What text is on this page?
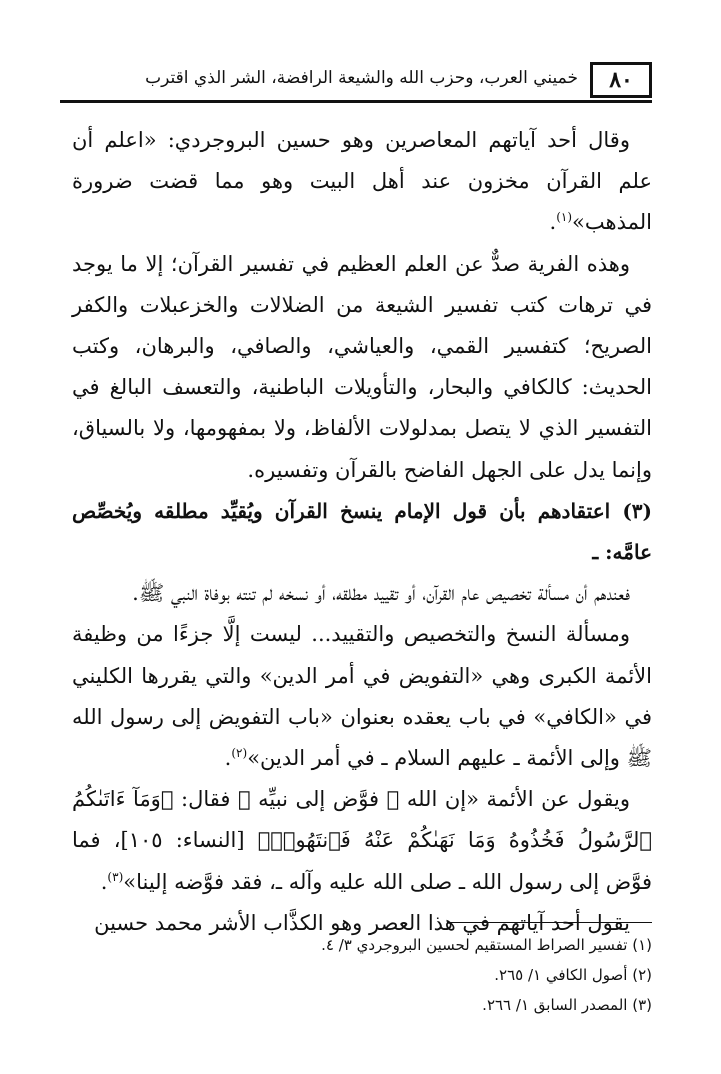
٨٠
خميني العرب، وحزب الله والشيعة الرافضة، الشر الذي اقترب

وقال أحد آياتهم المعاصرين وهو حسين البروجردي: «اعلم أن علم القرآن مخزون عند أهل البيت وهو مما قضت ضرورة المذهب»$^{(١)}$.

وهذه الفرية صدٌّ عن العلم العظيم في تفسير القرآن؛ إلا ما يوجد في ترهات كتب تفسير الشيعة من الضلالات والخزعبلات والكفر الصريح؛ كتفسير القمي، والعياشي، والصافي، والبرهان، وكتب الحديث: كالكافي والبحار، والتأويلات الباطنية، والتعسف البالغ في التفسير الذي لا يتصل بمدلولات الألفاظ، ولا بمفهومها، ولا بالسياق، وإنما يدل على الجهل الفاضح بالقرآن وتفسيره.

(٣) اعتقادهم بأن قول الإمام ينسخ القرآن ويُقيِّد مطلقه ويُخصِّص عامَّه: ـ

فعندهم أن مسألة تخصيص عام القرآن، أو تقييد مطلقه، أو نسخه لم تنته بوفاة النبي ﷺ.

ومسألة النسخ والتخصيص والتقييد... ليست إلَّا جزءًا من وظيفة الأئمة الكبرى وهي «التفويض في أمر الدين» والتي يقررها الكليني في «الكافي» في باب يعقده بعنوان «باب التفويض إلى رسول الله ﷺ وإلى الأئمة ـ عليهم السلام ـ في أمر الدين»$^{(٢)}$.

ويقول عن الأئمة «إن الله ﷻ فوَّض إلى نبيِّه ﷺ فقال: ﴿وَمَآ ءَاتَىٰكُمُ ٱلرَّسُولُ فَخُذُوهُ وَمَا نَهَىٰكُمْ عَنْهُ فَٱنتَهُوا۟﴾ [النساء: ١٠٥]، فما فوَّض إلى رسول الله ـ صلى الله عليه وآله ـ، فقد فوَّضه إلينا»$^{(٣)}$.

يقول أحد آياتهم في هذا العصر وهو الكذَّاب الأشر محمد حسين

(١) تفسير الصراط المستقيم لحسين البروجردي ٣/ ٤.
(٢) أصول الكافي ١/ ٢٦٥.
(٣) المصدر السابق ١/ ٢٦٦.
